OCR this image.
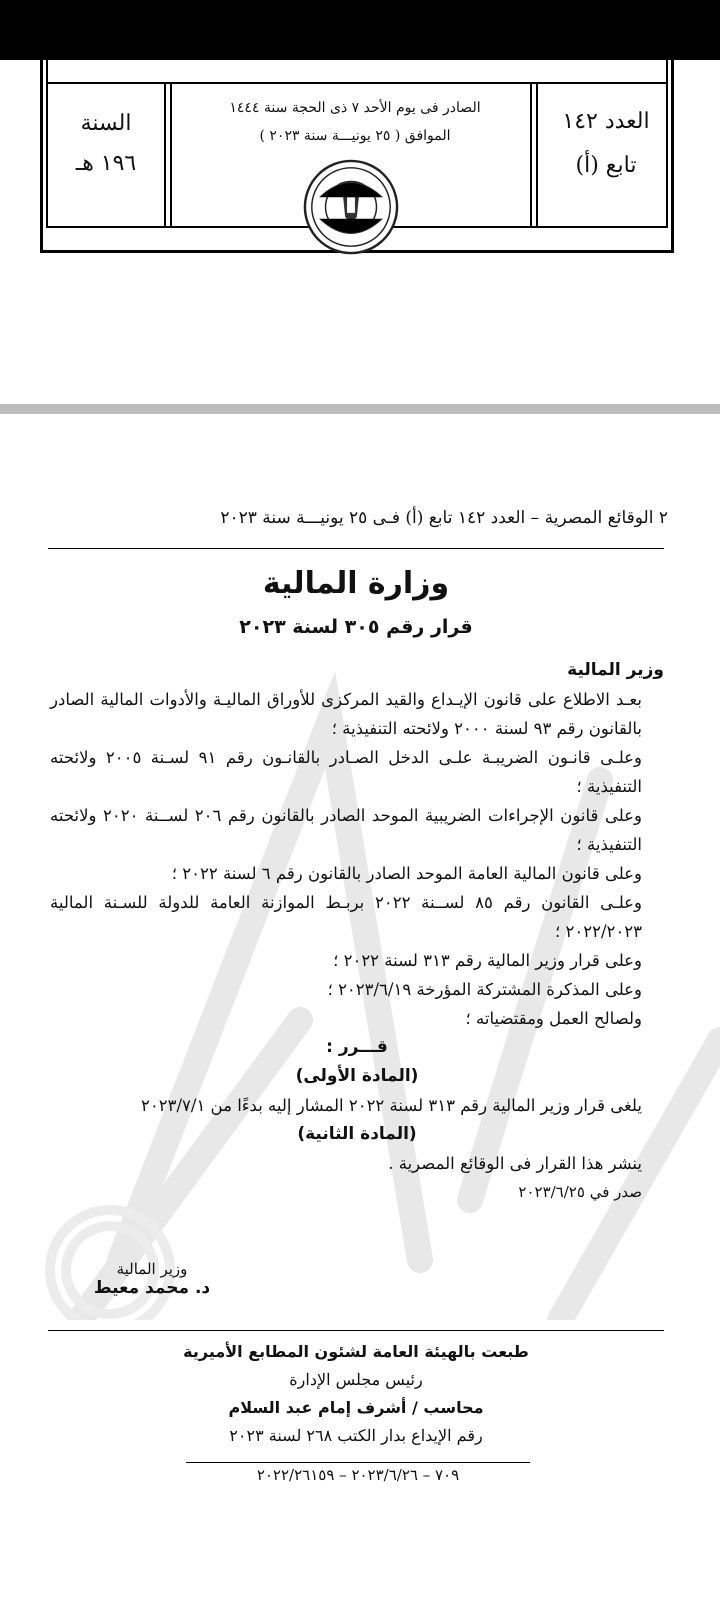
السنة
١٩٦ هـ
الصادر فى يوم الأحد ٧ ذى الحجة سنة ١٤٤٤
الموافق ( ٢٥ يونيـــة سنة ٢٠٢٣ )
العدد ١٤٢
تابع (أ)
٢ الوقائع المصرية – العدد ١٤٢ تابع (أ) فـى ٢٥ يونيـــة سنة ٢٠٢٣
وزارة المالية
قرار رقم ٣٠٥ لسنة ٢٠٢٣

وزير المالية

بعـد الاطلاع على قانون الإيـداع والقيد المركزى للأوراق الماليـة والأدوات المالية الصادر بالقانون رقم ٩٣ لسنة ٢٠٠٠ ولائحته التنفيذية ؛

وعلـى قانـون الضريبـة علـى الدخل الصـادر بالقانـون رقم ٩١ لسـنة ٢٠٠٥ ولائحته التنفيذية ؛

وعلى قانون الإجراءات الضريبية الموحد الصادر بالقانون رقم ٢٠٦ لســنة ٢٠٢٠ ولائحته التنفيذية ؛

وعلى قانون المالية العامة الموحد الصادر بالقانون رقم ٦ لسنة ٢٠٢٢ ؛

وعلـى القانون رقم ٨٥ لســنة ٢٠٢٢ بربـط الموازنة العامة للدولة للسـنة المالية ٢٠٢٢/٢٠٢٣ ؛

وعلى قرار وزير المالية رقم ٣١٣ لسنة ٢٠٢٢ ؛

وعلى المذكرة المشتركة المؤرخة ٢٠٢٣/٦/١٩ ؛

ولصالح العمل ومقتضياته ؛

قـــرر :

(المادة الأولى)

يلغى قرار وزير المالية رقم ٣١٣ لسنة ٢٠٢٢ المشار إليه بدءًا من ٢٠٢٣/٧/١

(المادة الثانية)

ينشر هذا القرار فى الوقائع المصرية .

صدر في ٢٠٢٣/٦/٢٥

وزير المالية
د. محمد معيط
طبعت بالهيئة العامة لشئون المطابع الأميرية
رئيس مجلس الإدارة
محاسب / أشرف إمام عبد السلام
رقم الإيداع بدار الكتب ٢٦٨ لسنة ٢٠٢٣
٧٠٩ – ٢٠٢٣/٦/٢٦ – ٢٠٢٢/٢٦١٥٩
